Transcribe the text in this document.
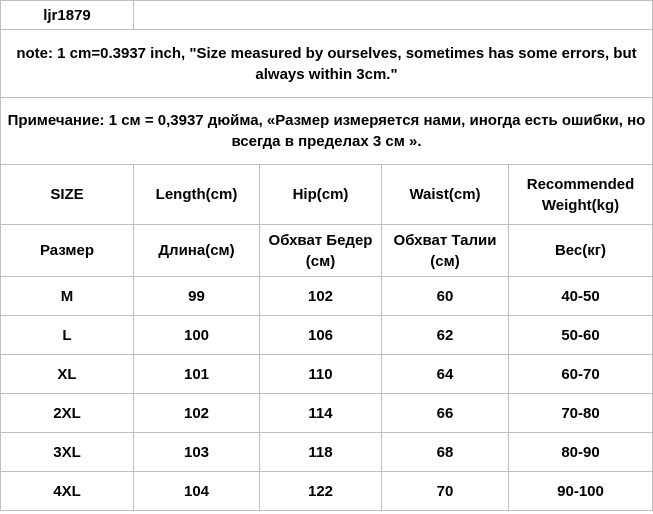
ljr1879				
note: 1 cm=0.3937 inch, "Size measured by ourselves, sometimes has some errors, but always within 3cm."				
Примечание: 1 см = 0,3937 дюйма, «Размер измеряется нами, иногда есть ошибки, но всегда в пределах 3 см ».				
SIZE	Length(cm)	Hip(cm)	Waist(cm)	Recommended Weight(kg)
Размер	Длина(см)	Обхват Бедер (см)	Обхват Талии (см)	Вес(кг)
M	99	102	60	40-50
L	100	106	62	50-60
XL	101	110	64	60-70
2XL	102	114	66	70-80
3XL	103	118	68	80-90
4XL	104	122	70	90-100
